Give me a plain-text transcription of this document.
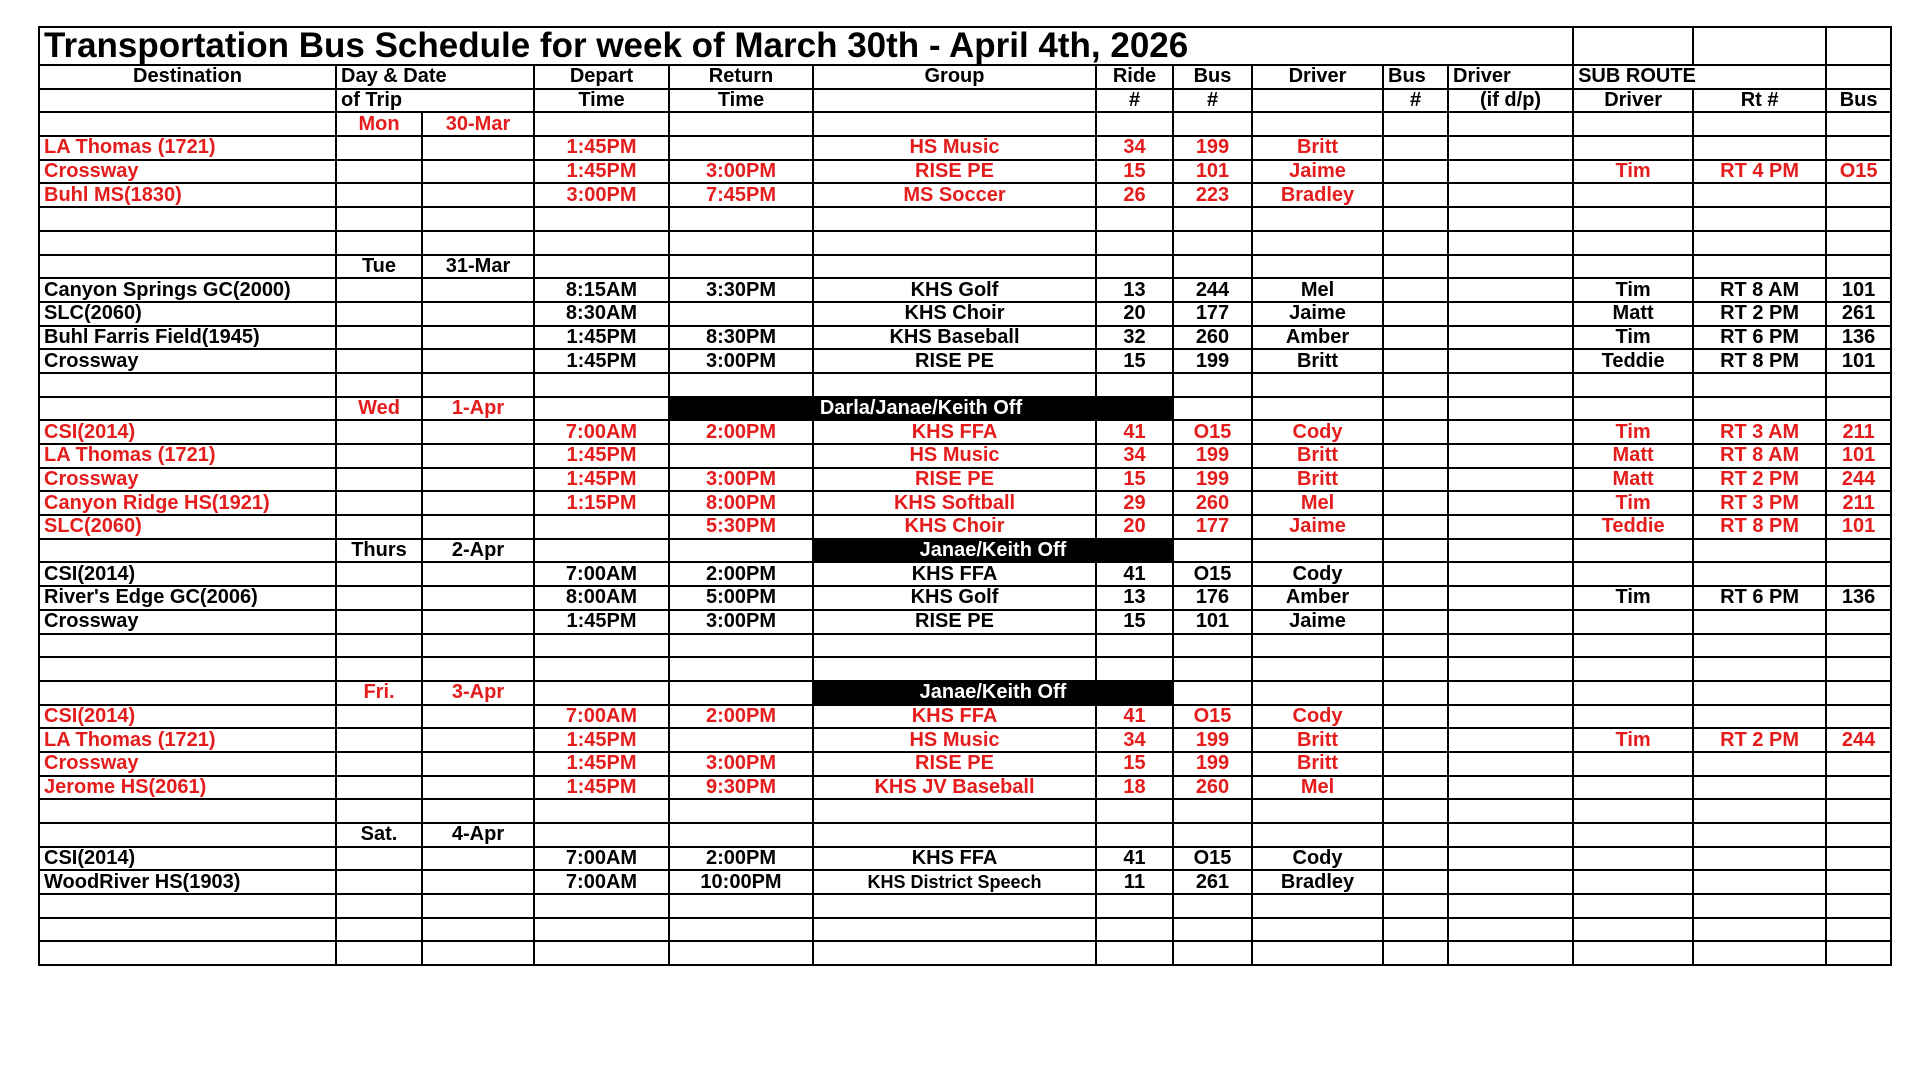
Transportation Bus Schedule for week of March 30th - April 4th, 2026													
Destination	Day & Date		Depart	Return	Group	Ride	Bus	Driver	Bus	Driver	SUB ROUTE		
	of Trip		Time	Time		#	#		#	(if d/p)	Driver	Rt #	Bus
	Mon	30-Mar											
LA Thomas (1721)			1:45PM		HS Music	34	199	Britt					
Crossway			1:45PM	3:00PM	RISE PE	15	101	Jaime			Tim	RT 4 PM	O15
Buhl MS(1830)			3:00PM	7:45PM	MS Soccer	26	223	Bradley					

	Tue	31-Mar											
Canyon Springs GC(2000)			8:15AM	3:30PM	KHS Golf	13	244	Mel			Tim	RT 8 AM	101
SLC(2060)			8:30AM		KHS Choir	20	177	Jaime			Matt	RT 2 PM	261
Buhl Farris Field(1945)			1:45PM	8:30PM	KHS Baseball	32	260	Amber			Tim	RT 6 PM	136
Crossway			1:45PM	3:00PM	RISE PE	15	199	Britt			Teddie	RT 8 PM	101

	Wed	1-Apr		Darla/Janae/Keith Off									
CSI(2014)			7:00AM	2:00PM	KHS FFA	41	O15	Cody			Tim	RT 3 AM	211
LA Thomas (1721)			1:45PM		HS Music	34	199	Britt			Matt	RT 8 AM	101
Crossway			1:45PM	3:00PM	RISE PE	15	199	Britt			Matt	RT 2 PM	244
Canyon Ridge HS(1921)			1:15PM	8:00PM	KHS Softball	29	260	Mel			Tim	RT 3 PM	211
SLC(2060)				5:30PM	KHS Choir	20	177	Jaime			Teddie	RT 8 PM	101
	Thurs	2-Apr			Janae/Keith Off								
CSI(2014)			7:00AM	2:00PM	KHS FFA	41	O15	Cody					
River's Edge GC(2006)			8:00AM	5:00PM	KHS Golf	13	176	Amber			Tim	RT 6 PM	136
Crossway			1:45PM	3:00PM	RISE PE	15	101	Jaime					

	Fri.	3-Apr			Janae/Keith Off								
CSI(2014)			7:00AM	2:00PM	KHS FFA	41	O15	Cody					
LA Thomas (1721)			1:45PM		HS Music	34	199	Britt			Tim	RT 2 PM	244
Crossway			1:45PM	3:00PM	RISE PE	15	199	Britt					
Jerome HS(2061)			1:45PM	9:30PM	KHS JV Baseball	18	260	Mel					

	Sat.	4-Apr											
CSI(2014)			7:00AM	2:00PM	KHS FFA	41	O15	Cody					
WoodRiver HS(1903)			7:00AM	10:00PM	KHS District Speech	11	261	Bradley					
